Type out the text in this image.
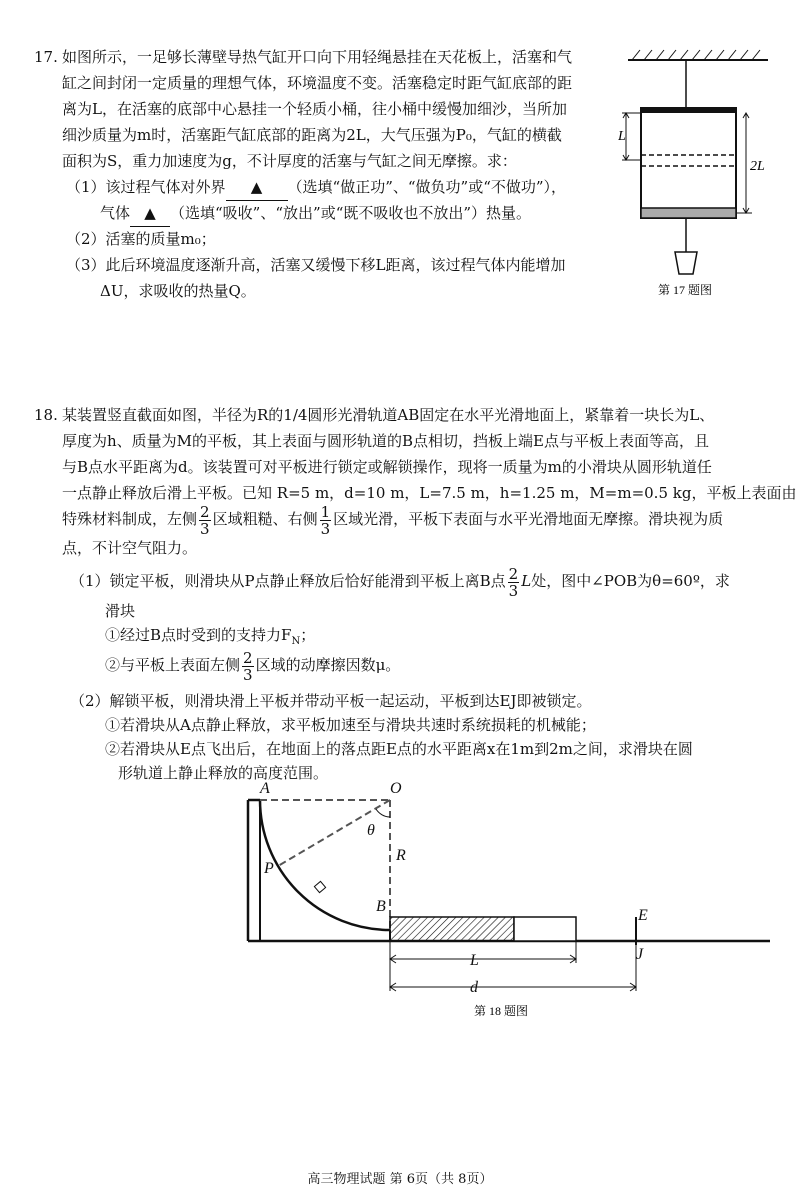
17. 如图所示，一足够长薄壁导热气缸开口向下用轻绳悬挂在天花板上，活塞和气
缸之间封闭一定质量的理想气体，环境温度不变。活塞稳定时距气缸底部的距
离为L，在活塞的底部中心悬挂一个轻质小桶，往小桶中缓慢加细沙，当所加
细沙质量为m时，活塞距气缸底部的距离为2L，大气压强为P₀，气缸的横截
面积为S，重力加速度为g，不计厚度的活塞与气缸之间无摩擦。求：
（1）该过程气体对外界 ▲ （选填“做正功”、“做负功”或“不做功”），
气体 ▲ （选填“吸收”、“放出”或“既不吸收也不放出”）热量。
（2）活塞的质量m₀；
（3）此后环境温度逐渐升高，活塞又缓慢下移L距离，该过程气体内能增加
ΔU，求吸收的热量Q。
L
2L
第 17 题图
18. 某装置竖直截面如图，半径为R的1/4圆形光滑轨道AB固定在水平光滑地面上，紧靠着一块长为L、
厚度为h、质量为M的平板，其上表面与圆形轨道的B点相切，挡板上端E点与平板上表面等高，且
与B点水平距离为d。该装置可对平板进行锁定或解锁操作，现将一质量为m的小滑块从圆形轨道任
一点静止释放后滑上平板。已知 R=5 m，d=10 m，L=7.5 m，h=1.25 m，M=m=0.5 kg，平板上表面由
特殊材料制成，左侧 $\frac{2}{3}$ 区域粗糙、右侧 $\frac{1}{3}$ 区域光滑，平板下表面与水平光滑地面无摩擦。滑块视为质
点，不计空气阻力。
（1）锁定平板，则滑块从P点静止释放后恰好能滑到平板上离B点 $\frac{2}{3}$ L处，图中∠POB为θ=60º，求
滑块
①经过B点时受到的支持力$F_N$；
②与平板上表面左侧 $\frac{2}{3}$ 区域的动摩擦因数μ。
（2）解锁平板，则滑块滑上平板并带动平板一起运动，平板到达EJ即被锁定。
①若滑块从A点静止释放，求平板加速至与滑块共速时系统损耗的机械能；
②若滑块从E点飞出后，在地面上的落点距E点的水平距离x在1m到2m之间，求滑块在圆
形轨道上静止释放的高度范围。
A	O
θ
R
P
B
E
J
L
d
第 18 题图
高三物理试题 第 6页（共 8页）
